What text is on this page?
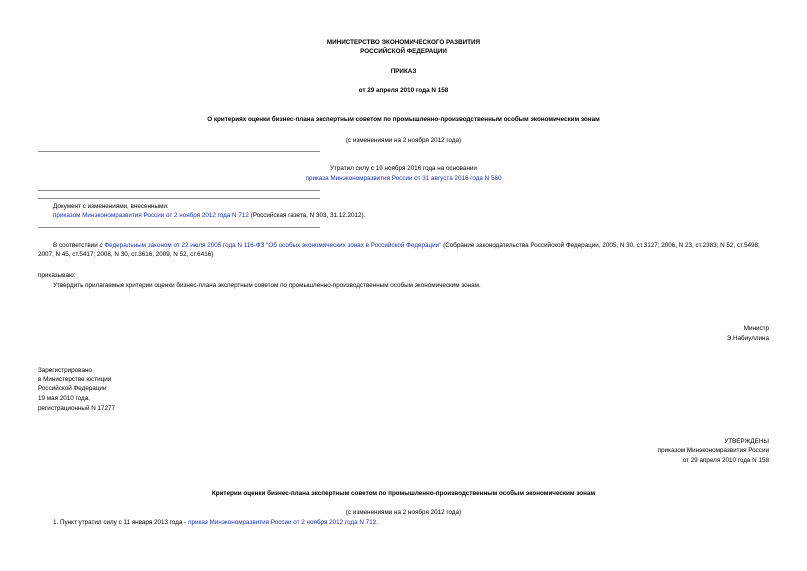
МИНИСТЕРСТВО ЭКОНОМИЧЕСКОГО РАЗВИТИЯ
РОССИЙСКОЙ ФЕДЕРАЦИИ
ПРИКАЗ
от 29 апреля 2010 года N 158
О критериях оценки бизнес-плана экспертным советом по промышленно-производственным особым экономическим зонам
(с изменениями на 2 ноября 2012 года)
Утратил силу с 19 ноября 2016 года на основании
приказа Минэкономразвития России от 31 августа 2016 года N 560
Документ с изменениями, внесенными:
приказом Минэкономразвития России от 2 ноября 2012 года N 712 (Российская газета, N 303, 31.12.2012).
В соответствии с Федеральным законом от 22 июля 2005 года N 116-ФЗ "Об особых экономических зонах в Российской Федерации" (Собрание законодательства Российской Федерации, 2005, N 30, ст.3127; 2006, N 23, ст.2383; N 52, ст.5498; 2007, N 45, ст.5417; 2008, N 30, ст.3616; 2009, N 52, ст.6416)
приказываю:
Утвердить прилагаемые критерии оценки бизнес-плана экспертным советом по промышленно-производственным особым экономическим зонам.
Министр
Э.Набиуллина
Зарегистрировано
в Министерстве юстиции
Российской Федерации
19 мая 2010 года,
регистрационный N 17277
УТВЕРЖДЕНЫ
приказом Минэкономразвития России
от 29 апреля 2010 года N 158
Критерии оценки бизнес-плана экспертным советом по промышленно-производственным особым экономическим зонам
(с изменениями на 2 ноября 2012 года)
1. Пункт утратил силу с 11 января 2013 года - приказ Минэкономразвития России от 2 ноября 2012 года N 712.
